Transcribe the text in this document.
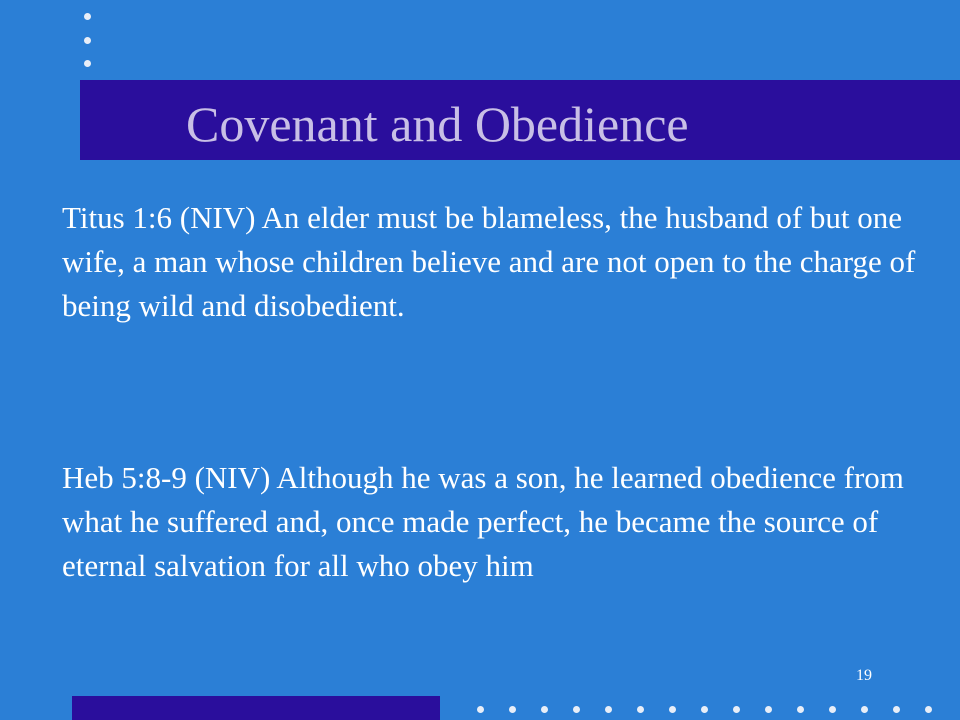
Covenant and Obedience

Titus 1:6 (NIV) An elder must be blameless, the husband of but one wife, a man whose children believe and are not open to the charge of being wild and disobedient.

Heb 5:8-9 (NIV) Although he was a son, he learned obedience from what he suffered and, once made perfect, he became the source of eternal salvation for all who obey him

19
